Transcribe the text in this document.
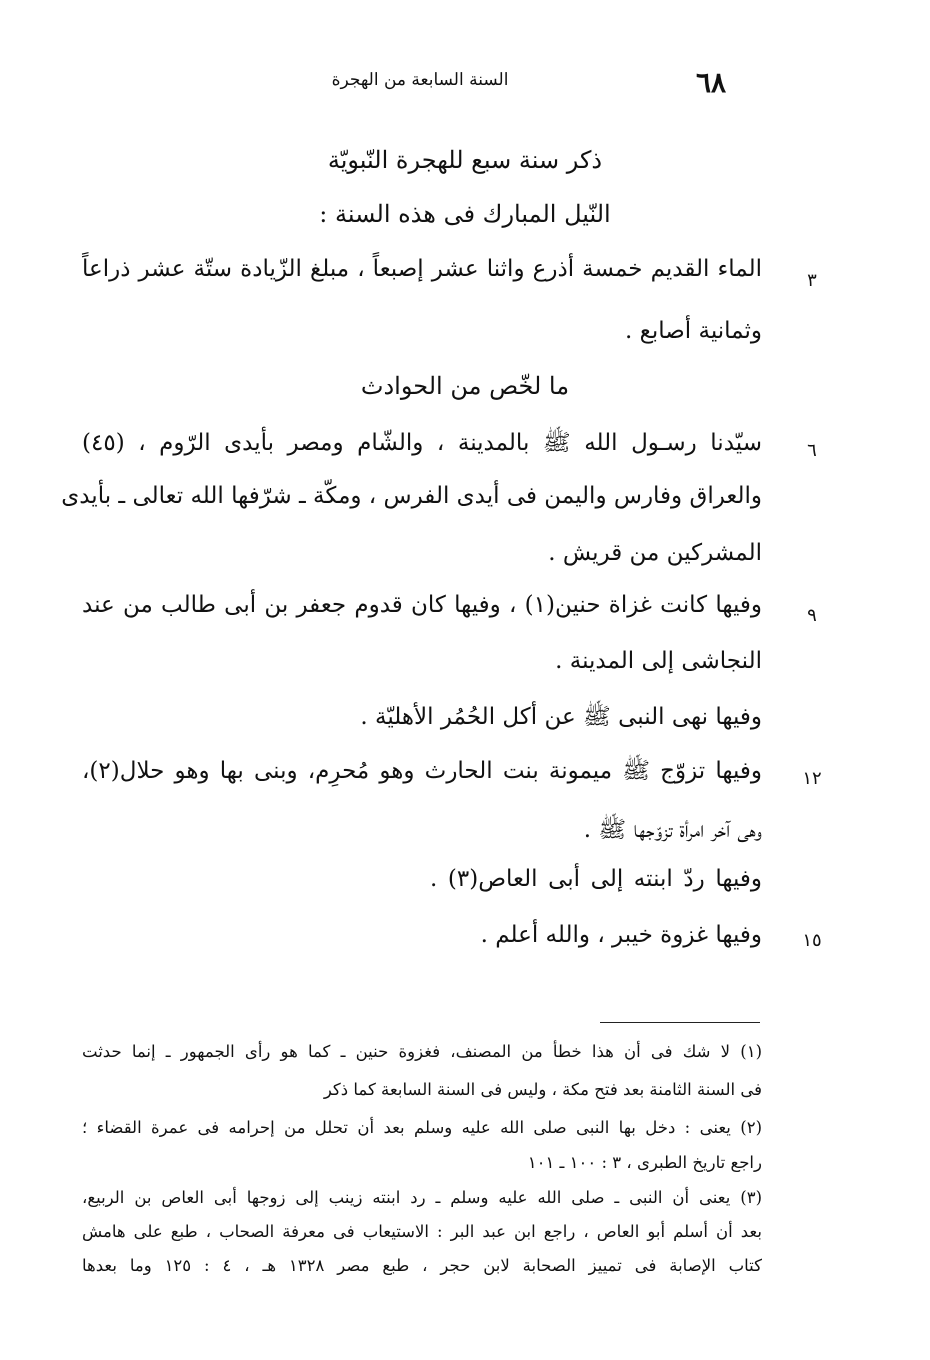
٦٨
السنة السابعة من الهجرة
ذكر سنة سبع للهجرة النّبويّة
النّيل المبارك فى هذه السنة :
ما لخّص من الحوادث
٣
٦
٩
١٢
١٥
الماء القديم خمسة أذرع واثنا عشر إصبعاً ، مبلغ الزّيادة ستّة عشر ذراعاً
وثمانية أصابع .
سيّدنا رسـول الله ﷺ بالمدينة ، والشّام ومصر بأيدى الرّوم ، (٤٥)
والعراق وفارس واليمن فى أيدى الفرس ، ومكّة ـ شرّفها الله تعالى ـ بأيدى
المشركين من قريش .
وفيها كانت غزاة حنين(١) ، وفيها كان قدوم جعفر بن أبى طالب من عند
النجاشى إلى المدينة .
وفيها نهى النبى ﷺ عن أكل الحُمُر الأهليّة .
وفيها تزوّج ﷺ ميمونة بنت الحارث وهو مُحرِم، وبنى بها وهو حلال(٢)،
وهى آخر امرأة تزوّجها ﷺ .
وفيها ردّ ابنته إلى أبى العاص(٣) .
وفيها غزوة خيبر ، والله أعلم .
(١) لا شك فى أن هذا خطأ من المصنف، فغزوة حنين ـ كما هو رأى الجمهور ـ إنما حدثت
فى السنة الثامنة بعد فتح مكة ، وليس فى السنة السابعة كما ذكر
(٢) يعنى : دخل بها النبى صلى الله عليه وسلم بعد أن تحلل من إحرامه فى عمرة القضاء ؛
راجع تاريخ الطبرى ، ٣ : ١٠٠ ـ ١٠١
(٣) يعنى أن النبى ـ صلى الله عليه وسلم ـ رد ابنته زينب إلى زوجها أبى العاص بن الربيع،
بعد أن أسلم أبو العاص ، راجع ابن عبد البر : الاستيعاب فى معرفة الصحاب ، طبع على هامش
كتاب الإصابة فى تمييز الصحابة لابن حجر ، طبع مصر ١٣٢٨ هـ ، ٤ : ١٢٥ وما بعدها
